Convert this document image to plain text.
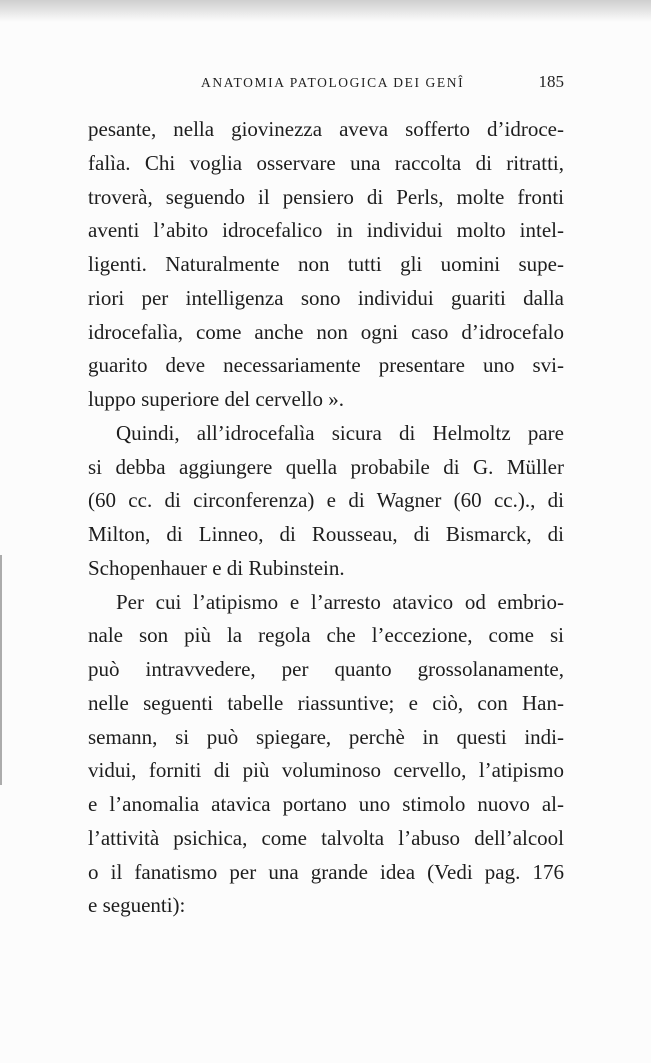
ANATOMIA PATOLOGICA DEI GENÎ	185
pesante, nella giovinezza aveva sofferto d’idroce-
falìa. Chi voglia osservare una raccolta di ritratti,
troverà, seguendo il pensiero di Perls, molte fronti
aventi l’abito idrocefalico in individui molto intel-
ligenti. Naturalmente non tutti gli uomini supe-
riori per intelligenza sono individui guariti dalla
idrocefalìa, come anche non ogni caso d’idrocefalo
guarito deve necessariamente presentare uno svi-
luppo superiore del cervello ».
Quindi, all’idrocefalìa sicura di Helmoltz pare
si debba aggiungere quella probabile di G. Müller
(60 cc. di circonferenza) e di Wagner (60 cc.)., di
Milton, di Linneo, di Rousseau, di Bismarck, di
Schopenhauer e di Rubinstein.
Per cui l’atipismo e l’arresto atavico od embrio-
nale son più la regola che l’eccezione, come si
può intravvedere, per quanto grossolanamente,
nelle seguenti tabelle riassuntive; e ciò, con Han-
semann, si può spiegare, perchè in questi indi-
vidui, forniti di più voluminoso cervello, l’atipismo
e l’anomalia atavica portano uno stimolo nuovo al-
l’attività psichica, come talvolta l’abuso dell’alcool
o il fanatismo per una grande idea (Vedi pag. 176
e seguenti):
